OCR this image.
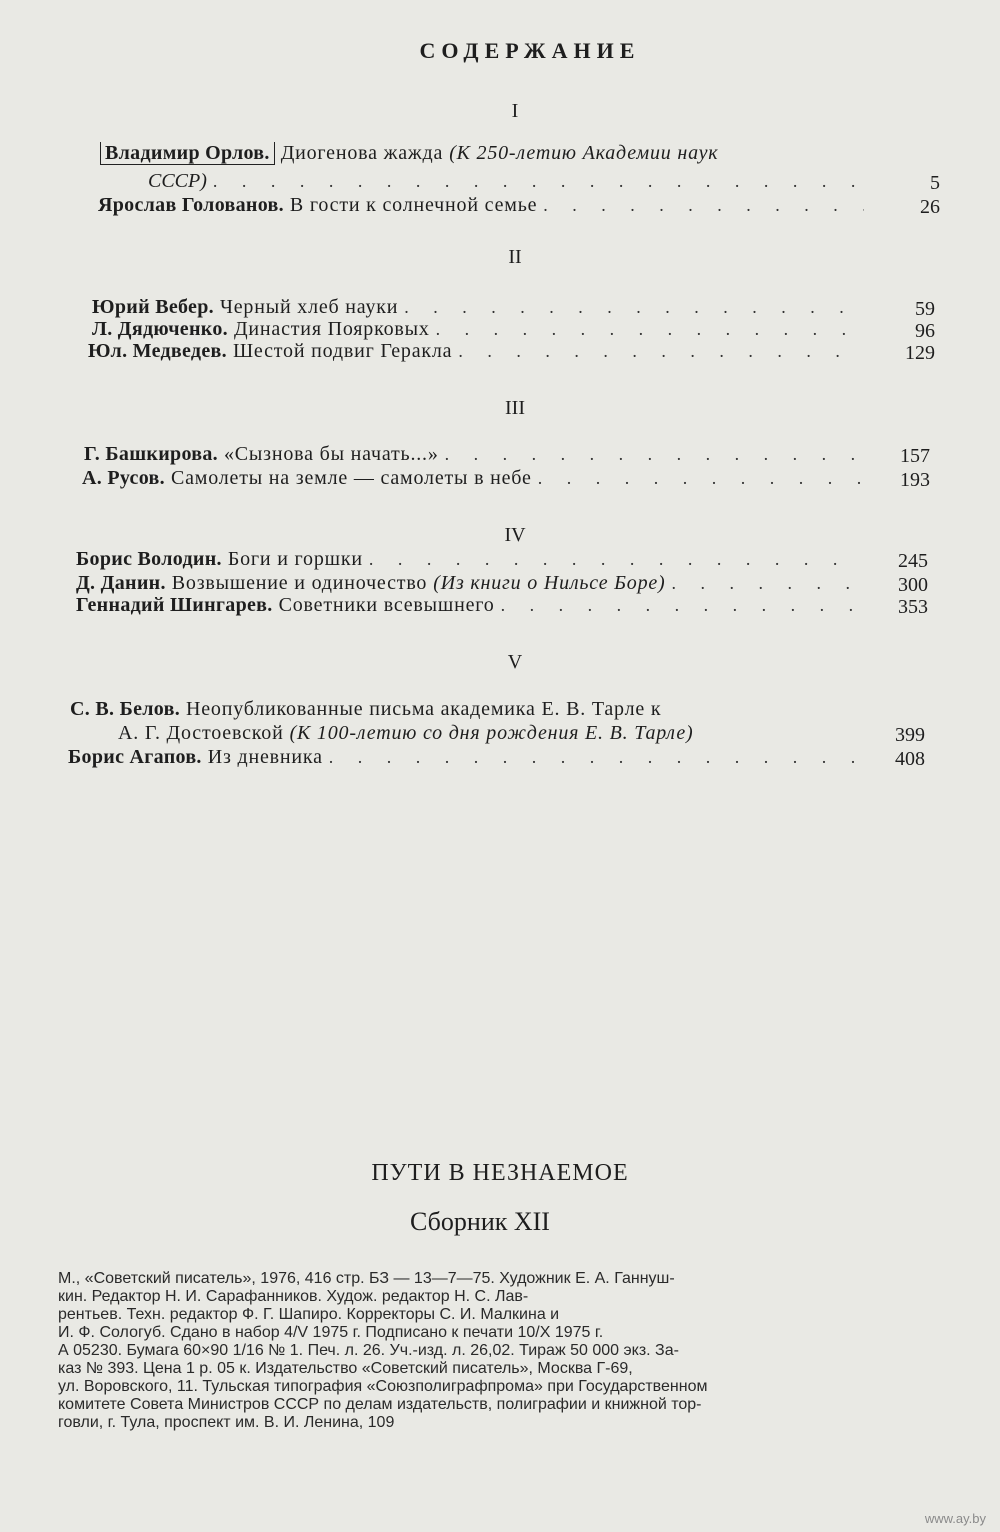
СОДЕРЖАНИЕ
I
Владимир Орлов. Диогенова жажда (К 250-летию Академии наук
СССР) . . .	5
Ярослав Голованов. В гости к солнечной семье . . .	26
II
Юрий Вебер. Черный хлеб науки . . .	59
Л. Дядюченко. Династия Поярковых . . .	96
Юл. Медведев. Шестой подвиг Геракла . . .	129
III
Г. Башкирова. «Сызнова бы начать...» . . .	157
А. Русов. Самолеты на земле — самолеты в небе . . .	193
IV
Борис Володин. Боги и горшки . . .	245
Д. Данин. Возвышение и одиночество (Из книги о Нильсе Боре) . . .	300
Геннадий Шингарев. Советники всевышнего . . .	353
V
С. В. Белов. Неопубликованные письма академика Е. В. Тарле к
А. Г. Достоевской (К 100-летию со дня рождения Е. В. Тарле)	399
Борис Агапов. Из дневника . . .	408
ПУТИ В НЕЗНАЕМОЕ
Сборник XII
М., «Советский писатель», 1976, 416 стр. БЗ — 13—7—75. Художник Е. А. Ганнуш-
кин. Редактор Н. И. Сарафанников. Худож. редактор Н. С. Лав-
рентьев. Техн. редактор Ф. Г. Шапиро. Корректоры С. И. Малкина и
И. Ф. Сологуб. Сдано в набор 4/V 1975 г. Подписано к печати 10/X 1975 г.
А 05230. Бумага 60×90 1/16 № 1. Печ. л. 26. Уч.-изд. л. 26,02. Тираж 50 000 экз. За-
каз № 393. Цена 1 р. 05 к. Издательство «Советский писатель», Москва Г-69,
ул. Воровского, 11. Тульская типография «Союзполиграфпрома» при Государственном
комитете Совета Министров СССР по делам издательств, полиграфии и книжной тор-
говли, г. Тула, проспект им. В. И. Ленина, 109
www.ay.by
